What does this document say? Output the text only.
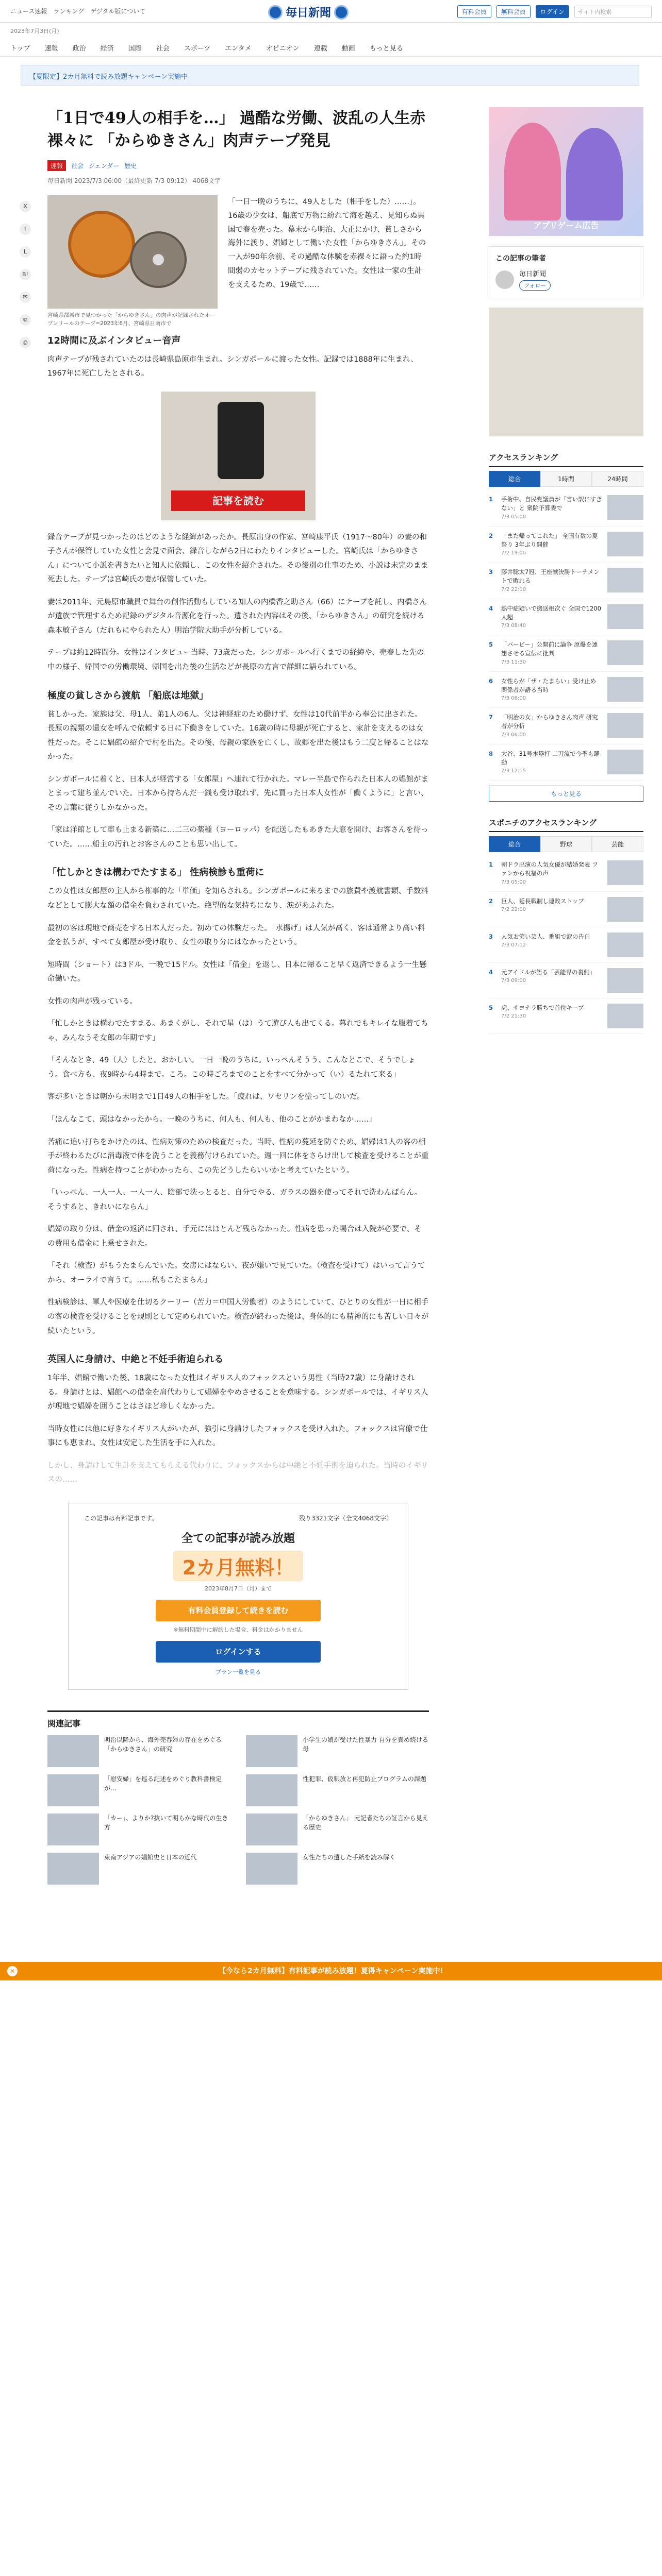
ニュース速報 ランキング デジタル版について	毎日新聞	有料会員	無料会員	ログイン	サイト内検索
2023年7月3日(月)
トップ 速報 政治 経済 国際 社会 スポーツ エンタメ オピニオン 連載 動画 もっと見る
【夏限定】2カ月無料で読み放題キャンペーン実施中
X
f
L
B!
✉
⧉
⎙
「1日で49人の相手を…」 過酷な労働、波乱の人生赤裸々に 「からゆきさん」肉声テープ発見
速報	社会 ジェンダー 歴史
毎日新聞 2023/7/3 06:00（最終更新 7/3 09:12） 4068文字
宮崎県都城市で見つかった「からゆきさん」の肉声が記録されたオープンリールのテープ=2023年6月、宮崎県日南市で

「一日一晩のうちに、49人とした（相手をした）……」。16歳の少女は、船底で万物に紛れて海を越え、見知らぬ異国で春を売った。幕末から明治、大正にかけ、貧しさから海外に渡り、娼婦として働いた女性「からゆきさん」。その一人が90年余前、その過酷な体験を赤裸々に語った約1時間弱のカセットテープに残されていた。女性は一家の生計を支えるため、19歳で……

12時間に及ぶインタビュー音声

肉声テープが残されていたのは長崎県島原市生まれ。シンガポールに渡った女性。記録では1888年に生まれ、1967年に死亡したとされる。

記事を読む

録音テープが見つかったのはどのような経緯があったか。長原出身の作家、宮崎康平氏（1917〜80年）の妻の和子さんが保管していた女性と会見で面会、録音しながら2日にわたりインタビューした。宮崎氏は「からゆきさん」について小説を書きたいと知人に依頼し、この女性を紹介された。その後別の仕事のため、小説は未完のまま死去した。テープは宮崎氏の妻が保管していた。

妻は2011年、元島原市職員で舞台の創作活動もしている知人の内橋香之助さん（66）にテープを託し、内橋さんが遺族で管理するため記録のデジタル音源化を行った。遺された内容はその後、「からゆきさん」の研究を続ける森本敏子さん（だれもにやられた人）明治学院大助手が分析している。

テープは約12時間分。女性はインタビュー当時、73歳だった。シンガポールへ行くまでの経緯や、売春した先の中の様子、帰国での労働環境、帰国を出た後の生活などが長原の方言で詳細に語られている。

極度の貧しさから渡航 「船底は地獄」

貧しかった。家族は父、母1人、弟1人の6人。父は神経症のため働けず、女性は10代前半から奉公に出された。長原の親類の還女を呼んで依頼する日に下働きをしていた。16歳の時に母親が死亡すると、家計を支えるのは女性だった。そこに娼館の紹介で村を出た。その後、母親の家族を亡くし、故郷を出た後はもう二度と帰ることはなかった。

シンガポールに着くと、日本人が経営する「女郎屋」へ連れて行かれた。マレー半島で作られた日本人の娼館がまとまって建ち並んでいた。日本から持ちんだ一銭も受け取れず、先に買った日本人女性が「働くように」と言い、その言葉に従うしかなかった。

「家は洋館として車も止まる新築に…二三の薬種（ヨーロッパ）を配送したもあきた大窓を開け、お客さんを待っていた。……船主の汚れとお客さんのことも思い出して。

「忙しかときは構わでたすまる」 性病検診も重荷に

この女性は女郎屋の主人から権事的な「単価」を知らされる。シンガポールに来るまでの旅費や渡航書類、手数料などとして膨大な額の借金を負わされていた。絶望的な気持ちになり、涙があふれた。

最初の客は現地で商売をする日本人だった。初めての体験だった。「水揚げ」は人気が高く、客は通常より高い料金を払うが、すべて女郎屋が受け取り、女性の取り分にはなかったという。

短時間（ショート）は3ドル、一晩で15ドル。女性は「借金」を返し、日本に帰ること早く返済できるよう一生懸命働いた。

女性の肉声が残っている。

「忙しかときは構わでたすまる。あまくがし、それで星（は）うて遊び人も出てくる。暮れでもキレイな服着てちゃ、みんなうそ女郎の年期です」

「そんなとき、49（人）したと。おかしい。一日一晩のうちに。いっぺんそうう、こんなとこで、そうでしょう。食べ方も、夜9時から4時まで。ころ。この時ごろまでのことをすべて分かって（い）るたれて来る」

客が多いときは朝から未明まで1日49人の相手をした。「疲れは、ワセリンを塗ってしのいだ。

「ほんなこて、頭はなかったから。一晩のうちに、何人も、何人も、他のことがかまわなか……」

苦痛に追い打ちをかけたのは、性病対策のための検査だった。当時、性病の蔓延を防ぐため、娼婦は1人の客の相手が終わるたびに消毒液で体を洗うことを義務付けられていた。週一回に体をさらけ出して検査を受けることが重荷になった。性病を持つことがわかったら、この先どうしたらいいかと考えていたという。

「いっぺん、一人一人、一人一人、陰部で洗っとると、自分でやる、ガラスの器を使ってそれで洗わんばらん。そうすると、きれいにならん」

娼婦の取り分は、借金の返済に回され、手元にはほとんど残らなかった。性病を患った場合は入院が必要で、その費用も借金に上乗せされた。

「それ（検査）がもうたまらんでいた。女房にはならい、夜が嫌いで見ていた。（検査を受けて）はいって言うてから、オーライで言うて。……私もこたまらん」

性病検診は、軍人や医療を仕切るクーリー（苦力＝中国人労働者）のようにしていて、ひとりの女性が一日に相手の客の検査を受けることを規則として定められていた。検査が終わった後は、身体的にも精神的にも苦しい日々が続いたという。

英国人に身請け、中絶と不妊手術迫られる

1年半、娼館で働いた後、18歳になった女性はイギリス人のフォックスという男性（当時27歳）に身請けされる。身請けとは、娼館への借金を肩代わりして娼婦をやめさせることを意味する。シンガポールでは、イギリス人が現地で娼婦を囲うことはさほど珍しくなかった。

当時女性には他に好きなイギリス人がいたが、強引に身請けしたフォックスを受け入れた。フォックスは官僚で仕事にも恵まれ、女性は安定した生活を手に入れた。

しかし、身請けして生計を支えてもらえる代わりに、フォックスからは中絶と不妊手術を迫られた。当時のイギリスの……

この記事は有料記事です。	残り3321文字（全文4068文字）
全ての記事が読み放題
2カ月無料！
2023年8月7日（月）まで
有料会員登録して続きを読む
※無料期間中に解約した場合、料金はかかりません
ログインする
プラン一覧を見る
関連記事
明治以降から、海外売春婦の存在をめぐる「からゆきさん」の研究
小学生の娘が受けた性暴力 自分を責め続ける母
「慰安婦」を巡る記述をめぐり教科書検定が…
性犯罪、仮釈放と再犯防止プログラムの課題
「カー」、よりか?抜いて明らかな時代の生き方
「からゆきさん」 元記者たちの証言から見える歴史
東南アジアの娼館史と日本の近代	女性たちの遺した手紙を読み解く
✕	【今なら2カ月無料】有料記事が読み放題！夏得キャンペーン実施中!
アプリゲーム広告
この記事の筆者
毎日新聞
フォロー
アクセスランキング
総合	1時間	24時間
1	手術中、自民党議員が「言い訳にすぎない」と 衆院予算委で
7/3 05:00
2	「また帰ってこれた」 全国有数の夏祭り 3年ぶり開催
7/2 19:00
3	藤井聡太7冠、王座戦決勝トーナメントで敗れる
7/2 22:10
4	熱中症疑いで搬送相次ぐ 全国で1200人超
7/3 08:40
5	「バービー」公開前に論争 原爆を連想させる宣伝に批判
7/3 11:30
6	女性らが「ザ・たまらい」受け止め 関係者が語る当時
7/3 06:00
7	「明治の女」からゆきさん肉声 研究者が分析
7/3 06:00
8	大谷、31号本塁打 二刀流で今季も躍動
7/3 12:15
もっと見る
スポニチのアクセスランキング
総合	野球	芸能
1	朝ドラ出演の人気女優が結婚発表 ファンから祝福の声
7/3 05:00
2	巨人、延長戦制し連敗ストップ
7/2 22:00
3	人気お笑い芸人、番組で涙の告白
7/3 07:12
4	元アイドルが語る「芸能界の裏側」
7/3 09:00
5	虎、サヨナラ勝ちで首位キープ
7/2 21:30
